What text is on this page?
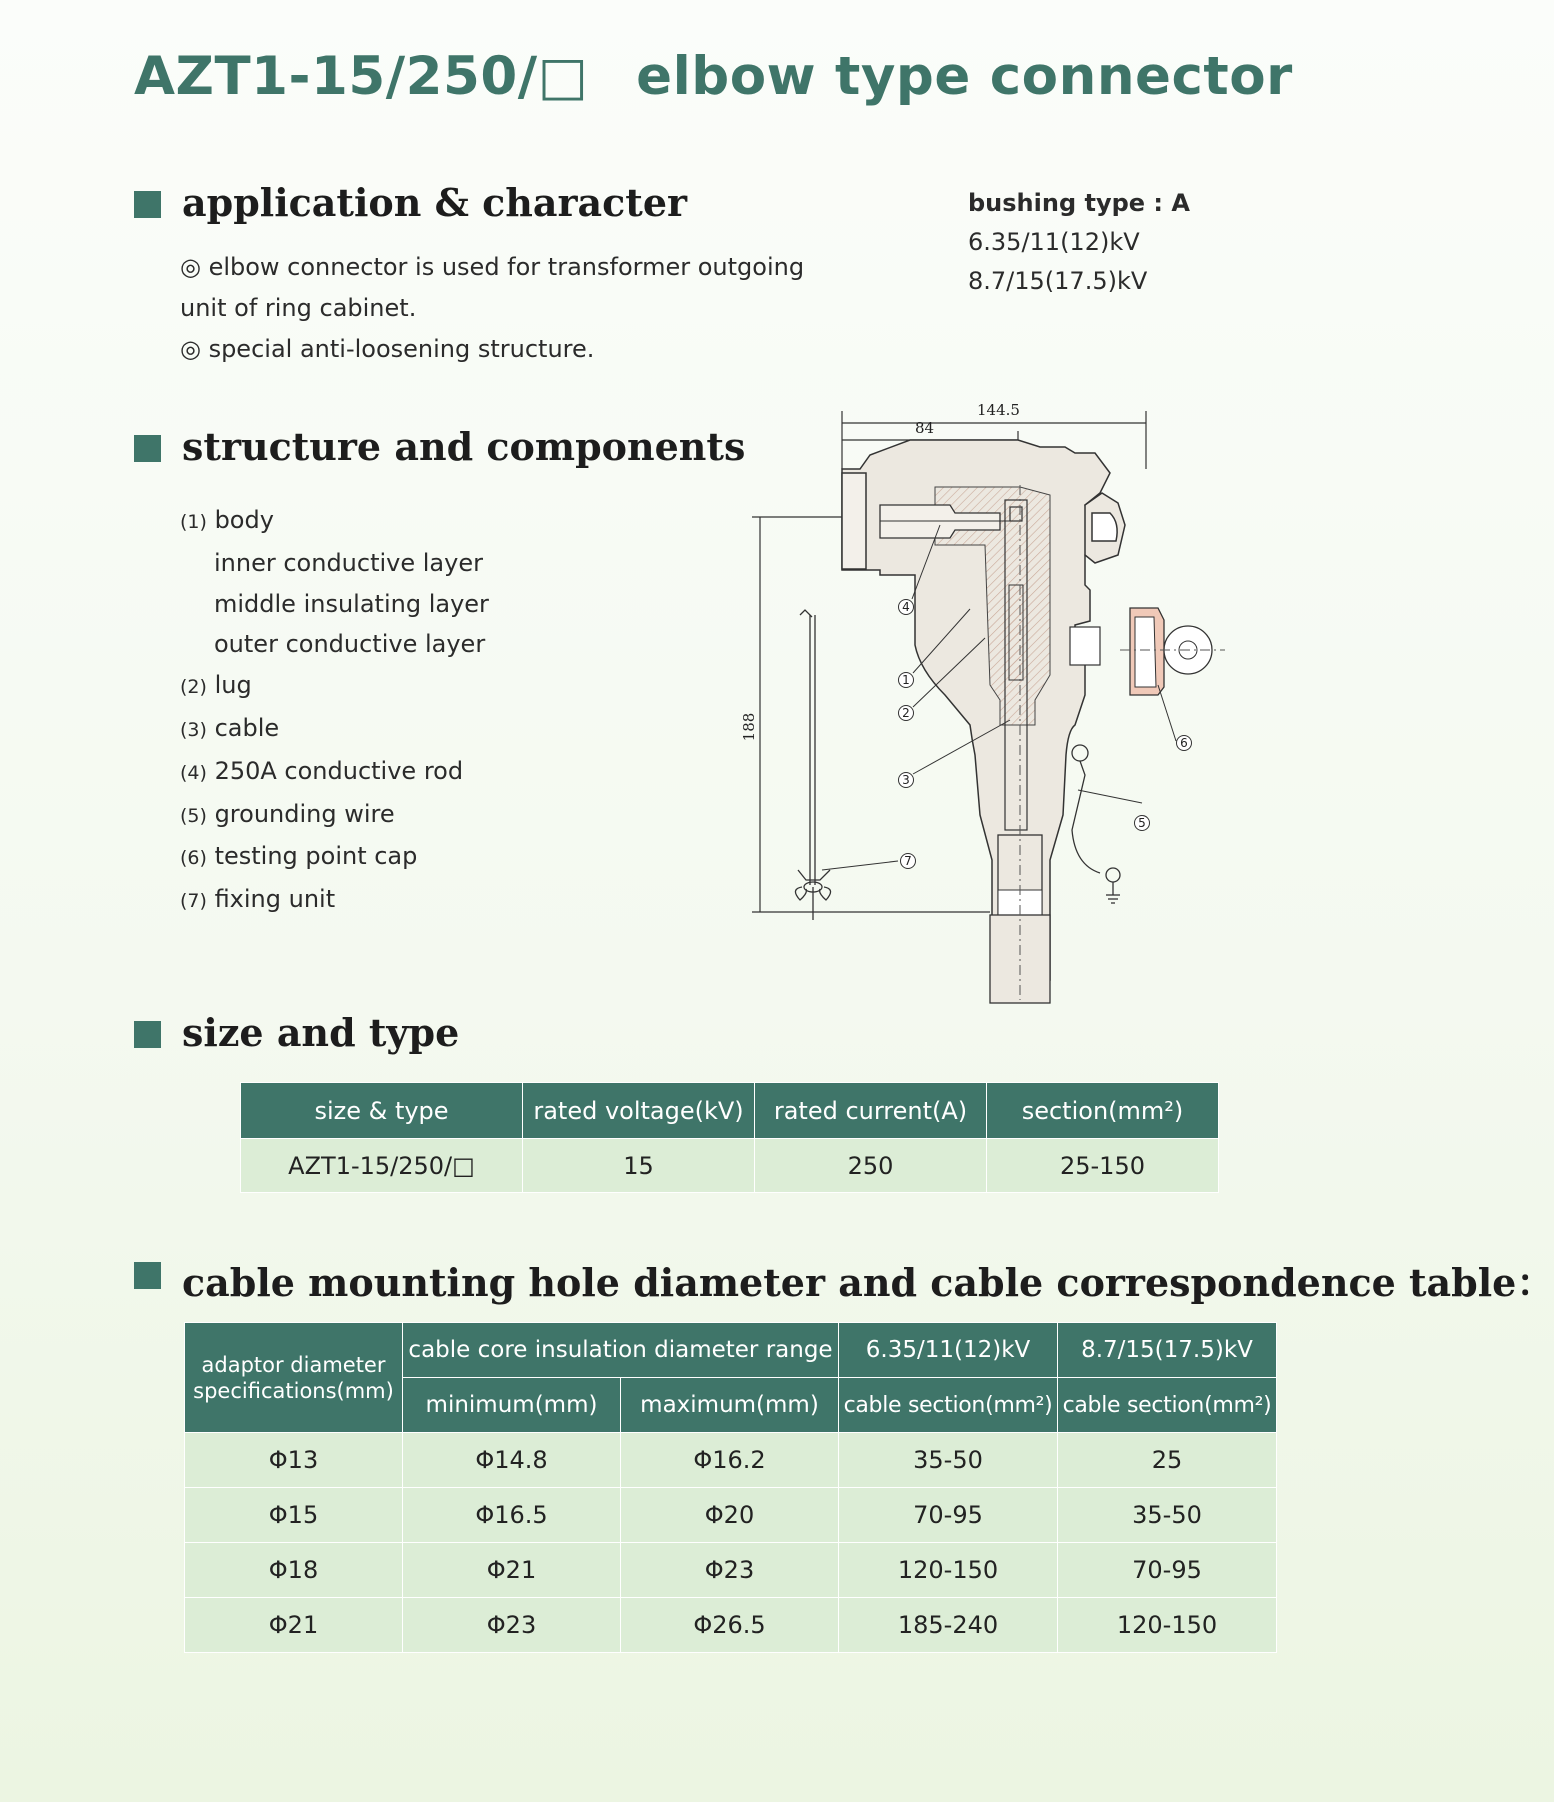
AZT1-15/250/□ elbow type connector
application & character
◎ elbow connector is used for transformer outgoing
unit of ring cabinet.
◎ special anti-loosening structure.
bushing type : A
6.35/11(12)kV
8.7/15(17.5)kV
structure and components
(1) body
inner conductive layer
middle insulating layer
outer conductive layer
(2) lug
(3) cable
(4) 250A conductive rod
(5) grounding wire
(6) testing point cap
(7) fixing unit
144.5
84
188
4
1
2
3
5
6
7
size and type
size & type	rated voltage(kV)	rated current(A)	section(mm²)
AZT1-15/250/□	15	250	25-150
cable mounting hole diameter and cable correspondence table：
adaptor diameter specifications(mm)	cable core insulation diameter range		6.35/11(12)kV	8.7/15(17.5)kV
	minimum(mm)	maximum(mm)	cable section(mm²)	cable section(mm²)
Φ13	Φ14.8	Φ16.2	35-50	25
Φ15	Φ16.5	Φ20	70-95	35-50
Φ18	Φ21	Φ23	120-150	70-95
Φ21	Φ23	Φ26.5	185-240	120-150
